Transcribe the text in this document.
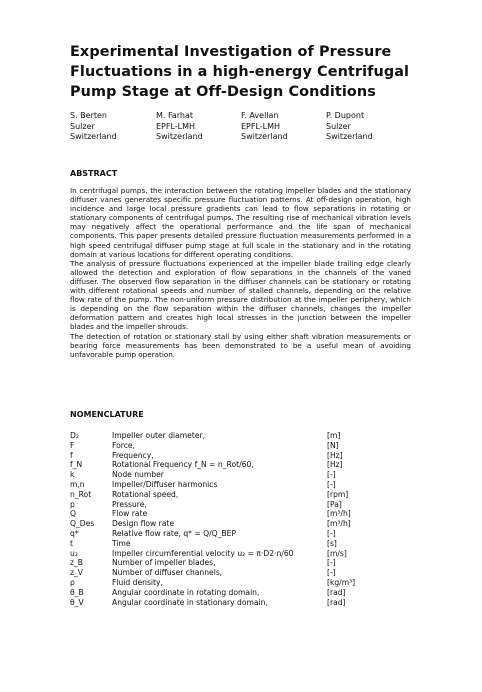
Experimental Investigation of Pressure
Fluctuations in a high-energy Centrifugal
Pump Stage at Off-Design Conditions
S. Berten
Sulzer
Switzerland
M. Farhat
EPFL-LMH
Switzerland
F. Avellan
EPFL-LMH
Switzerland
P. Dupont
Sulzer
Switzerland
ABSTRACT

In centrifugal pumps, the interaction between the rotating impeller blades and the stationary diffuser vanes generates specific pressure fluctuation patterns. At off-design operation, high incidence and large local pressure gradients can lead to flow separations in rotating or stationary components of centrifugal pumps. The resulting rise of mechanical vibration levels may negatively affect the operational performance and the life span of mechanical components. This paper presents detailed pressure fluctuation measurements performed in a high speed centrifugal diffuser pump stage at full scale in the stationary and in the rotating domain at various locations for different operating conditions.

The analysis of pressure fluctuations experienced at the impeller blade trailing edge clearly allowed the detection and exploration of flow separations in the channels of the vaned diffuser. The observed flow separation in the diffuser channels can be stationary or rotating with different rotational speeds and number of stalled channels, depending on the relative flow rate of the pump. The non-uniform pressure distribution at the impeller periphery, which is depending on the flow separation within the diffuser channels, changes the impeller deformation pattern and creates high local stresses in the junction between the impeller blades and the impeller shrouds.

The detection of rotation or stationary stall by using either shaft vibration measurements or bearing force measurements has been demonstrated to be a useful mean of avoiding unfavorable pump operation.

NOMENCLATURE
D₂	Impeller outer diameter,	[m]
F	Force,	[N]
f	Frequency,	[Hz]
f_N	Rotational Frequency f_N = n_Rot/60,	[Hz]
k	Node number	[-]
m,n	Impeller/Diffuser harmonics	[-]
n_Rot	Rotational speed,	[rpm]
p	Pressure,	[Pa]
Q	Flow rate	[m³/h]
Q_Des Design flow rate	[m³/h]
q*	Relative flow rate, q* = Q/Q_BEP	[-]
t	Time	[s]
u₂	Impeller circumferential velocity u₂ = π·D2·n/60	[m/s]
z_B	Number of impeller blades,	[-]
z_V	Number of diffuser channels,	[-]
ρ	Fluid density,	[kg/m³]
θ_B	Angular coordinate in rotating domain,	[rad]
θ_V	Angular coordinate in stationary domain,	[rad]
